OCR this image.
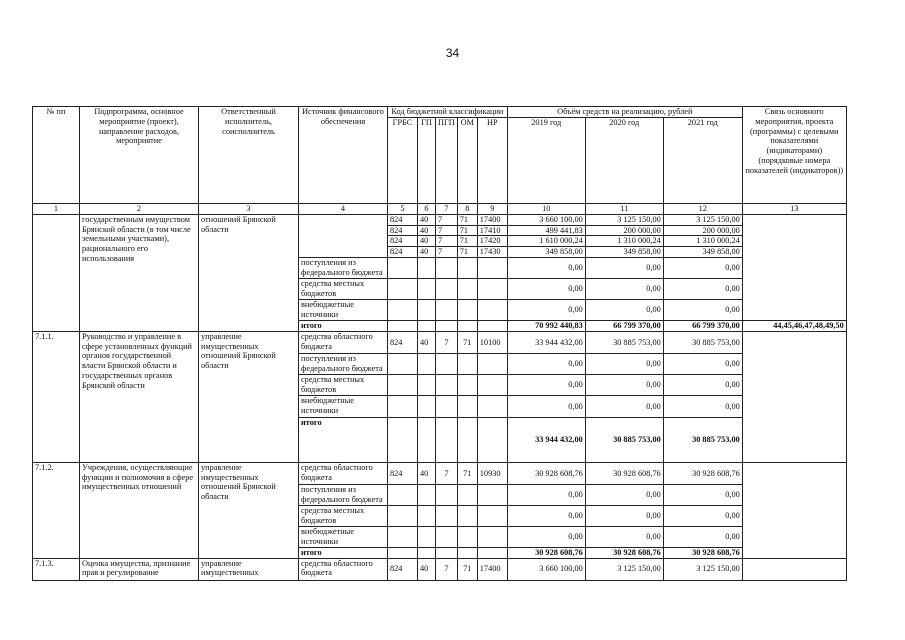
34
№ пп	Подпрограмма, основное мероприятие (проект), направление расходов, мероприятие	Ответственный исполнитель, соисполнитель	Источник финансового обеспечения	Код бюджетной классификации					Объём средств на реализацию, рублей			Связь основного мероприятия, проекта (программы) с целевыми показателями (индикаторами) (порядковые номера показателей (индикаторов))
				ГРБС	ГП	ПГП	ОМ	НР	2019 год	2020 год	2021 год	
1	2	3	4	5	6	7	8	9	10	11	12	13
	государственным имуществом Брянской области (в том числе земельными участками), рационального его использования	отношений Брянской области		824	40	7	71	17400	3 660 100,00	3 125 150,00	3 125 150,00	
				824	40	7	71	17410	499 441,83	200 000,00	200 000,00	
				824	40	7	71	17420	1 610 000,24	1 310 000,24	1 310 000,24	
				824	40	7	71	17430	349 858,00	349 858,00	349 858,00	
			поступления из федерального бюджета						0,00	0,00	0,00	
			средства местных бюджетов						0,00	0,00	0,00	
			внебюджетные источники						0,00	0,00	0,00	
			итого						70 992 440,83	66 799 370,00	66 799 370,00	44,45,46,47,48,49,50
7.1.1.	Руководство и управление в сфере установленных функций органов государственной власти Брянской области и государственных органов Брянской области	управление имущественных отношений Брянской области	средства областного бюджета	824	40	7	71	10100	33 944 432,00	30 885 753,00	30 885 753,00	
			поступления из федерального бюджета						0,00	0,00	0,00	
			средства местных бюджетов						0,00	0,00	0,00	
			внебюджетные источники						0,00	0,00	0,00	
			итого						33 944 432,00	30 885 753,00	30 885 753,00	
7.1.2.	Учреждения, осуществляющие функции и полномочия в сфере имущественных отношений	управление имущественных отношений Брянской области	средства областного бюджета	824	40	7	71	10930	30 928 608,76	30 928 608,76	30 928 608,76	
			поступления из федерального бюджета						0,00	0,00	0,00	
			средства местных бюджетов						0,00	0,00	0,00	
			внебюджетные источники						0,00	0,00	0,00	
			итого						30 928 608,76	30 928 608,76	30 928 608,76	
7.1.3.	Оценка имущества, признание прав и регулирование	управление имущественных	средства областного бюджета	824	40	7	71	17400	3 660 100,00	3 125 150,00	3 125 150,00	
